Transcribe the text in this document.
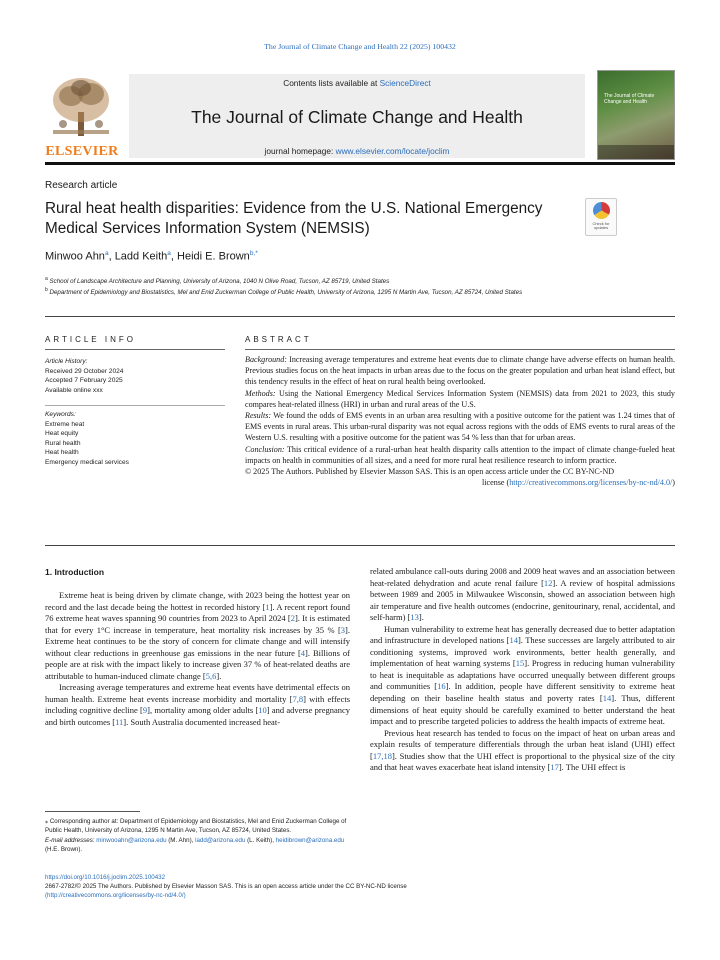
The Journal of Climate Change and Health 22 (2025) 100432
ELSEVIER
Contents lists available at ScienceDirect
The Journal of Climate Change and Health
journal homepage: www.elsevier.com/locate/joclim
The Journal of Climate Change and Health
Research article
Rural heat health disparities: Evidence from the U.S. National Emergency Medical Services Information System (NEMSIS)	Check for updates
Minwoo Ahn$^a$, Ladd Keith$^a$, Heidi E. Brown$^{b,*}$
$^a$ School of Landscape Architecture and Planning, University of Arizona, 1040 N Olive Road, Tucson, AZ 85719, United States
$^b$ Department of Epidemiology and Biostatistics, Mel and Enid Zuckerman College of Public Health, University of Arizona, 1295 N Martin Ave, Tucson, AZ 85724, United States
ARTICLE INFO	ABSTRACT
Article History:
Received 29 October 2024
Accepted 7 February 2025
Available online xxx
Keywords:
Extreme heat
Heat equity
Rural health
Heat health
Emergency medical services

Background: Increasing average temperatures and extreme heat events due to climate change have adverse effects on human health. Previous studies focus on the heat impacts in urban areas due to the focus on the greater population and urban heat island effect, but this tendency results in the effect of heat on rural health being overlooked.

Methods: Using the National Emergency Medical Services Information System (NEMSIS) data from 2021 to 2023, this study compares heat-related illness (HRI) in urban and rural areas of the U.S.

Results: We found the odds of EMS events in an urban area resulting with a positive outcome for the patient was 1.24 times that of EMS events in rural areas. This urban-rural disparity was not equal across regions with the odds of EMS events to rural areas of the Western U.S. resulting with a positive outcome for the patient was 54 % less than that for urban areas.

Conclusion: This critical evidence of a rural-urban heat health disparity calls attention to the impact of climate change-fueled heat impacts on health in communities of all sizes, and a need for more rural heat resilience research to inform practice.

© 2025 The Authors. Published by Elsevier Masson SAS. This is an open access article under the CC BY-NC-ND

license (http://creativecommons.org/licenses/by-nc-nd/4.0/)

1. Introduction

Extreme heat is being driven by climate change, with 2023 being the hottest year on record and the last decade being the hottest in recorded history [1]. A recent report found 76 extreme heat waves spanning 90 countries from 2023 to April 2024 [2]. It is estimated that for every 1°C increase in temperature, heat mortality risk increases by 35 % [3]. Extreme heat continues to be the story of concern for climate change and will intensify without clear reductions in greenhouse gas emissions in the near future [4]. Billions of people are at risk with the impact likely to increase given 37 % of heat-related deaths are attributable to human-induced climate change [5,6].

Increasing average temperatures and extreme heat events have detrimental effects on human health. Extreme heat events increase morbidity and mortality [7,8] with effects including cognitive decline [9], mortality among older adults [10] and adverse pregnancy and birth outcomes [11]. South Australia documented increased heat-

related ambulance call-outs during 2008 and 2009 heat waves and an association between heat-related dehydration and acute renal failure [12]. A review of hospital admissions between 1989 and 2005 in Milwaukee Wisconsin, showed an association between high air temperature and five health outcomes (endocrine, genitourinary, renal, accidental, and self-harm) [13].

Human vulnerability to extreme heat has generally decreased due to better adaptation and infrastructure in developed nations [14]. These successes are largely attributed to air conditioning systems, improved work environments, better health generally, and implementation of heat warning systems [15]. Progress in reducing human vulnerability to heat is inequitable as adaptations have occurred unequally between different groups and communities [16]. In addition, people have different sensitivity to extreme heat depending on their baseline health status and poverty rates [14]. Thus, different dimensions of heat equity should be carefully examined to better understand the heat impact and to prescribe targeted policies to address the health impacts of extreme heat.

Previous heat research has tended to focus on the impact of heat on urban areas and explain results of temperature differentials through the urban heat island (UHI) effect [17,18]. Studies show that the UHI effect is proportional to the physical size of the city and that heat waves exacerbate heat island intensity [17]. The UHI effect is

⁎ Corresponding author at: Department of Epidemiology and Biostatistics, Mel and Enid Zuckerman College of Public Health, University of Arizona, 1295 N Martin Ave, Tucson, AZ 85724, United States.
E-mail addresses: minwooahn@arizona.edu (M. Ahn), ladd@arizona.edu (L. Keith), heidibrown@arizona.edu (H.E. Brown).
https://doi.org/10.1016/j.joclim.2025.100432
2667-2782/© 2025 The Authors. Published by Elsevier Masson SAS. This is an open access article under the CC BY-NC-ND license
(http://creativecommons.org/licenses/by-nc-nd/4.0/)
